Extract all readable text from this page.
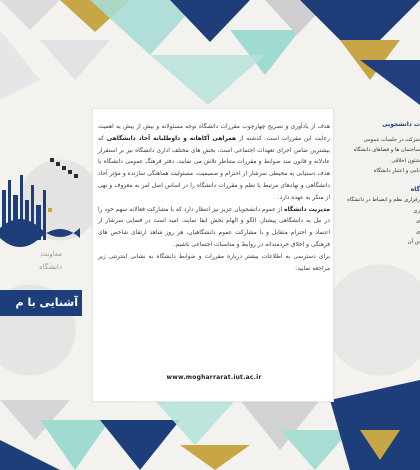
هدف از یادآوری و تصریح چهارچوب مقررات دانشگاه توجه مسئولانه و بیش از پیش به اهمیت رعایت این مقررات است. کدشته از همراهی آکاهانه و داوطلبانه آحاد دانشگاهی که بیشترین ضامن اجرای تعهدات اجتماعی است، بخش های مختلف اداری دانشگاه نیز بر استقرار عادلانه و قانون مند ضوابط و مقررات متناظر تلاش می نمایند. دفتر فرهنگ عمومی دانشگاه با هدف دستیابی به محیطی سرشار از احترام و صمیمیت، مسئولیت هماهنگی سازنده و مؤثر آحاد دانشگاهی و نهادهای مرتبط با نظم و مقررات دانشگاه را در اساس اصل امر به معروف و نهی از منکر به عهده دارد.

مدیریت دانشگاه از عموم دانشجویان عزیز نیز انتظار دارد که با مشارکت فعالانه سهم خود را در نیل به دانشگاهی پیشتاز، الگو و الهام بخش ایفا نمایند. امید است در فضایی سرشار از اعتماد و احترام متقابل و با مشارکت عموم دانشگاهیان، هر روز شاهد ارتقای شاخص های فرهنگی و اخلاق خردمندانه در روابط و مناسبات اجتماعی باشیم.

برای دسترسی به اطلاعات بیشتر درباره مقررات و ضوابط دانشگاه به نشانی اینترنتی زیر مراجعه نمایید:

www.mogharrarat.iut.ac.ir
ت دانشجویی
شرکت در جلسات عمومی
ساختمان ها و فضاهای دانشگاه
شئون اخلاقی
نامی و اعتبار دانشگاه
گاه
رقراری نظم و انضباط در دانشگاه
زی
ی
ی
ین آن
معاونت
دانشگاه
آشنایی با م
